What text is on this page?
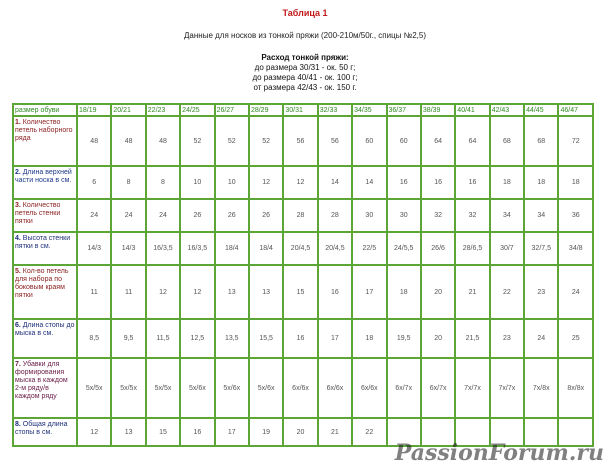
Таблица 1
Данные для носков из тонкой пряжи (200-210м/50г., спицы №2,5)
Расход тонкой пряжи:
до размера 30/31 - ок. 50 г;
до размера 40/41 - ок. 100 г;
от размера 42/43 - ок. 150 г.
размер обуви	18/19	20/21	22/23	24/25	26/27	28/29	30/31	32/33	34/35	36/37	38/39	40/41	42/43	44/45	46/47
1. Количество петель наборного ряда	48	48	48	52	52	52	56	56	60	60	64	64	68	68	72
2. Длина верхней части носка в см.	6	8	8	10	10	12	12	14	14	16	16	16	18	18	18
3. Количество петель стенки пятки	24	24	24	26	26	26	28	28	30	30	32	32	34	34	36
4. Высота стенки пятки в см.	14/3	14/3	16/3,5	16/3,5	18/4	18/4	20/4,5	20/4,5	22/5	24/5,5	26/6	28/6,5	30/7	32/7,5	34/8
5. Кол-во петель для набора по боковым краям пятки	11	11	12	12	13	13	15	16	17	18	20	21	22	23	24
6. Длина стопы до мыска в см.	8,5	9,5	11,5	12,5	13,5	15,5	16	17	18	19,5	20	21,5	23	24	25
7. Убавки для формирования мыска в каждом 2-м ряду/в каждом ряду	5x/5x	5x/5x	5x/5x	5x/6x	5x/6x	5x/6x	6x/6x	6x/6x	6x/6x	6x/7x	6x/7x	7x/7x	7x/7x	7x/8x	8x/8x
8. Общая длина стопы в см.	12	13	15	16	17	19	20	21	22						
PassionForum.ru
